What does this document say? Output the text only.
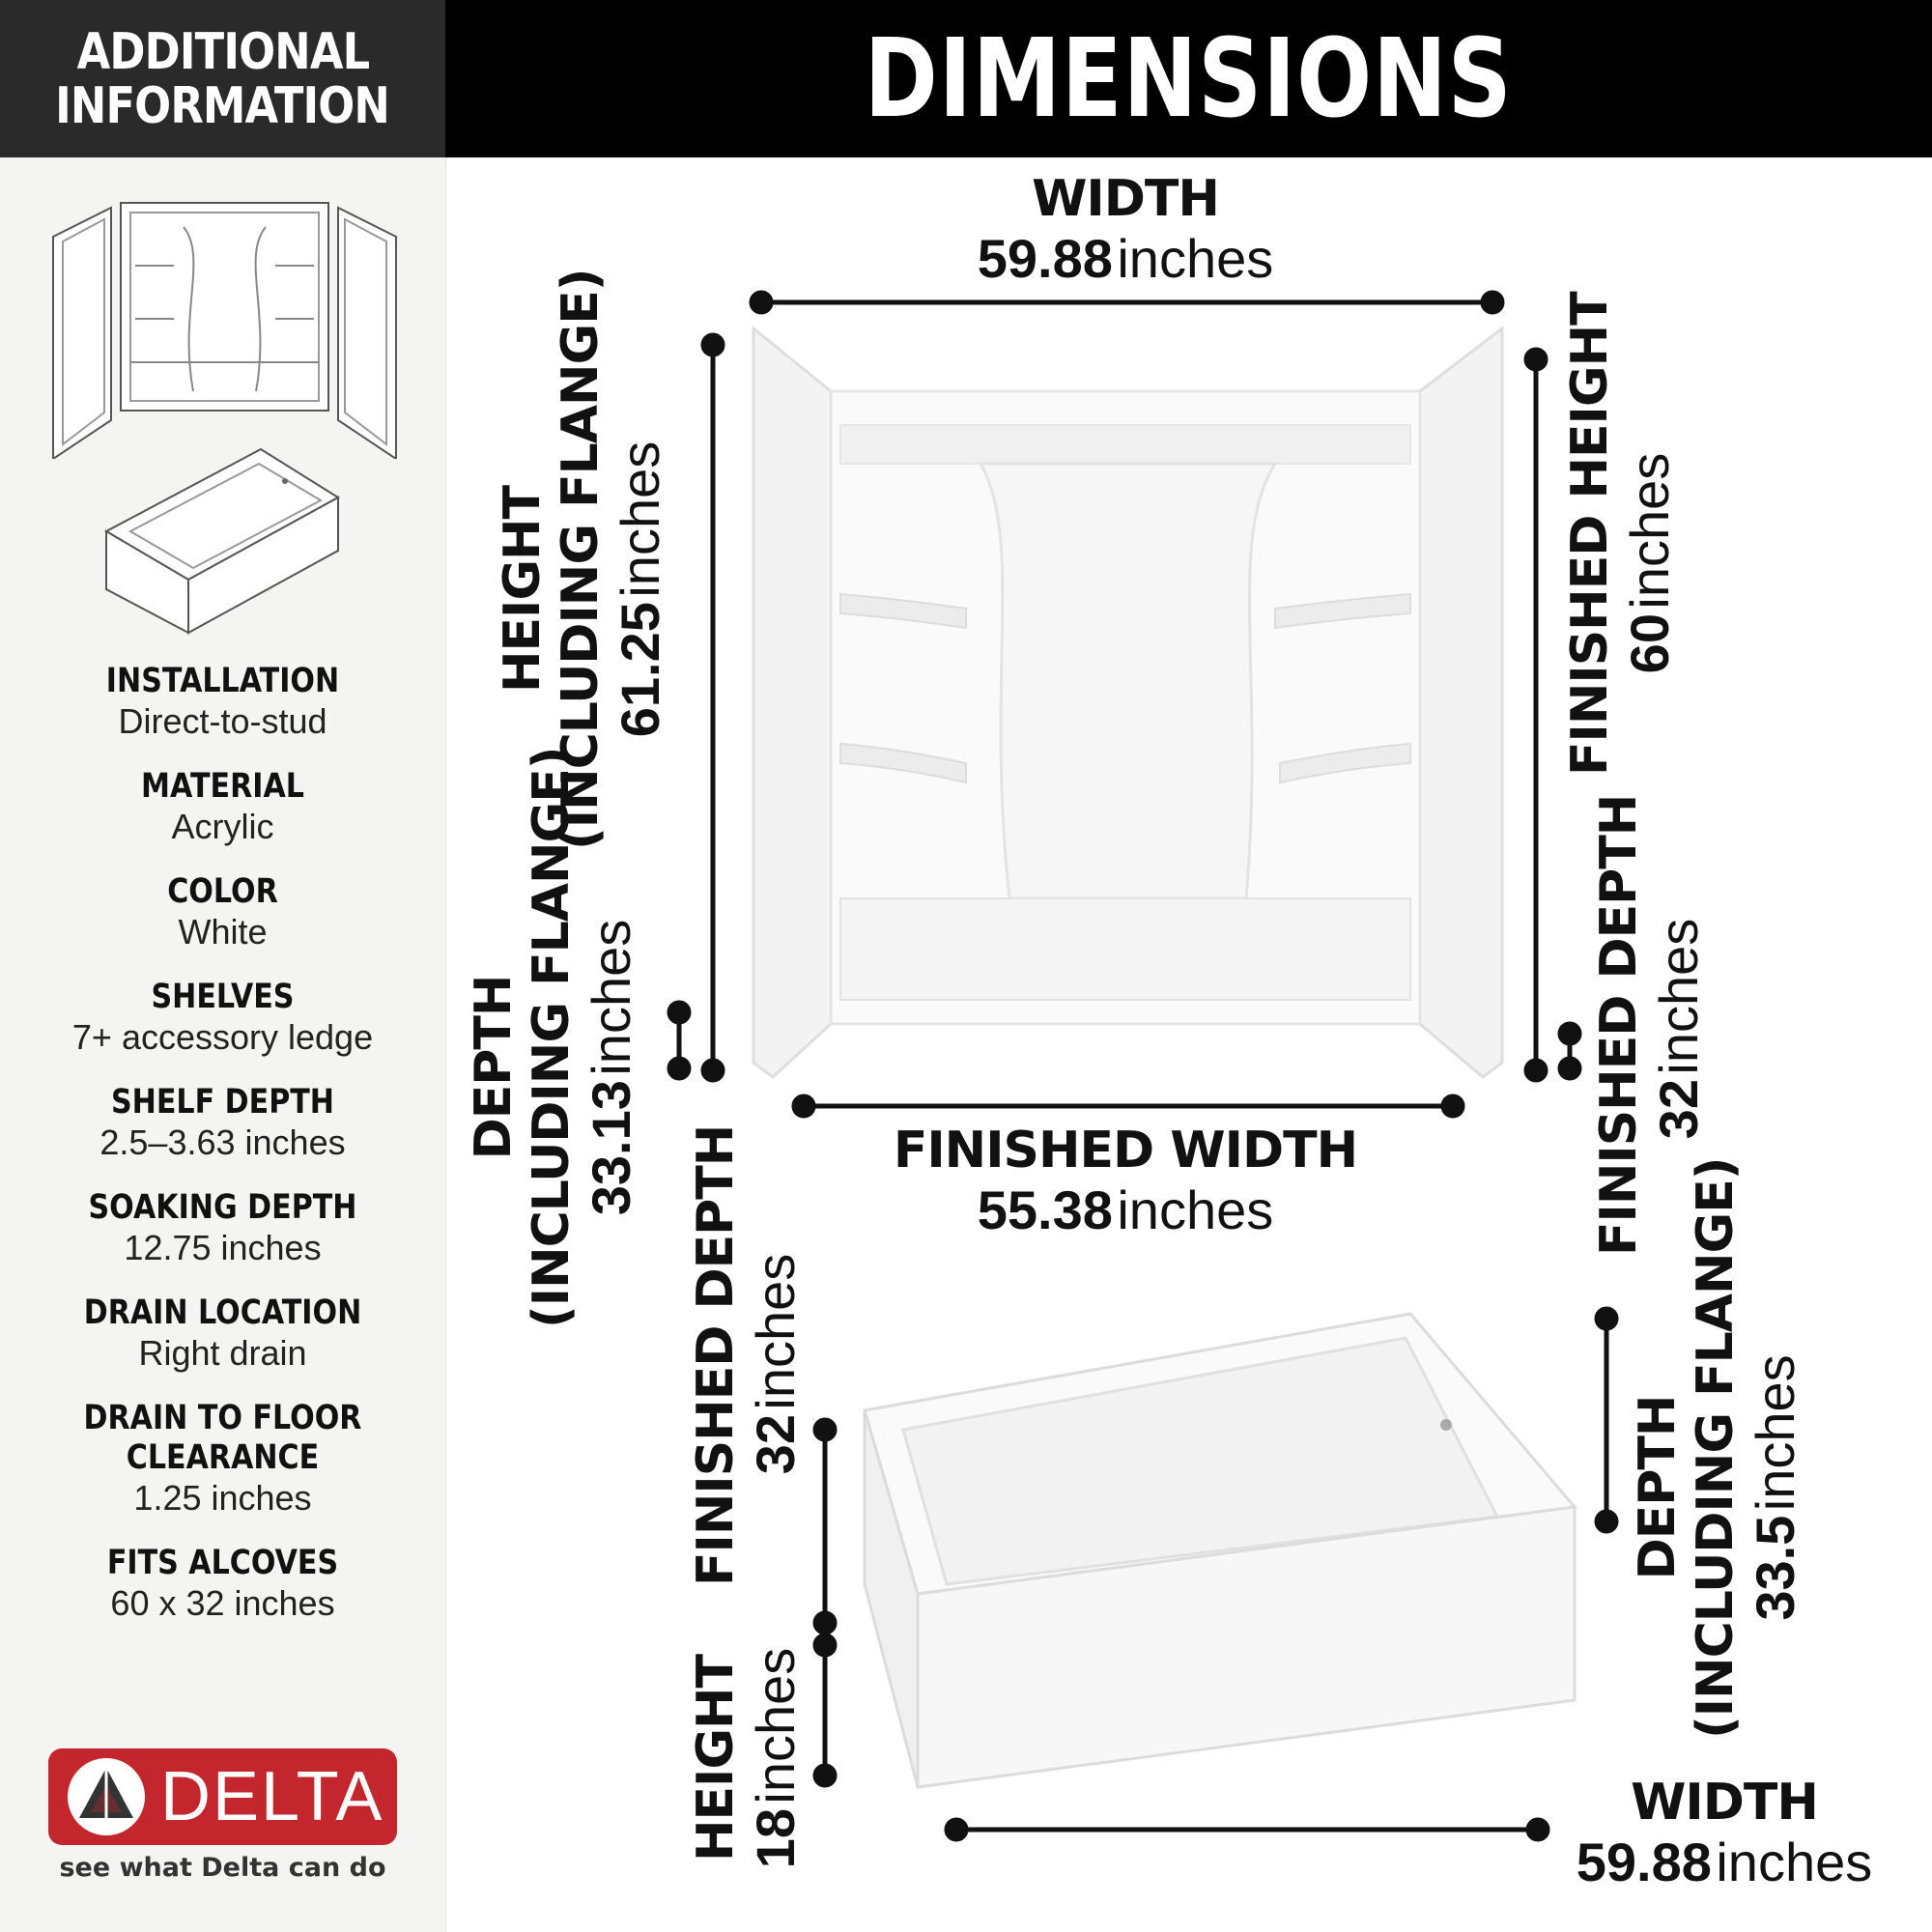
ADDITIONAL
INFORMATION
INSTALLATION
Direct-to-stud
MATERIAL
Acrylic
COLOR
White
SHELVES
7+ accessory ledge
SHELF DEPTH
2.5–3.63 inches
SOAKING DEPTH
12.75 inches
DRAIN LOCATION
Right drain
DRAIN TO FLOOR
CLEARANCE
1.25 inches
FITS ALCOVES
60 x 32 inches
DELTA
see what Delta can do
DIMENSIONS
WIDTH
59.88 inches
HEIGHT (INCLUDING FLANGE) 61.25 inches	FINISHED HEIGHT 60 inches
DEPTH (INCLUDING FLANGE) 33.13 inches	FINISHED DEPTH 32 inches
FINISHED WIDTH
55.38 inches
FINISHED DEPTH 32 inches
HEIGHT 18 inches
DEPTH (INCLUDING FLANGE) 33.5 inches
WIDTH
59.88 inches
